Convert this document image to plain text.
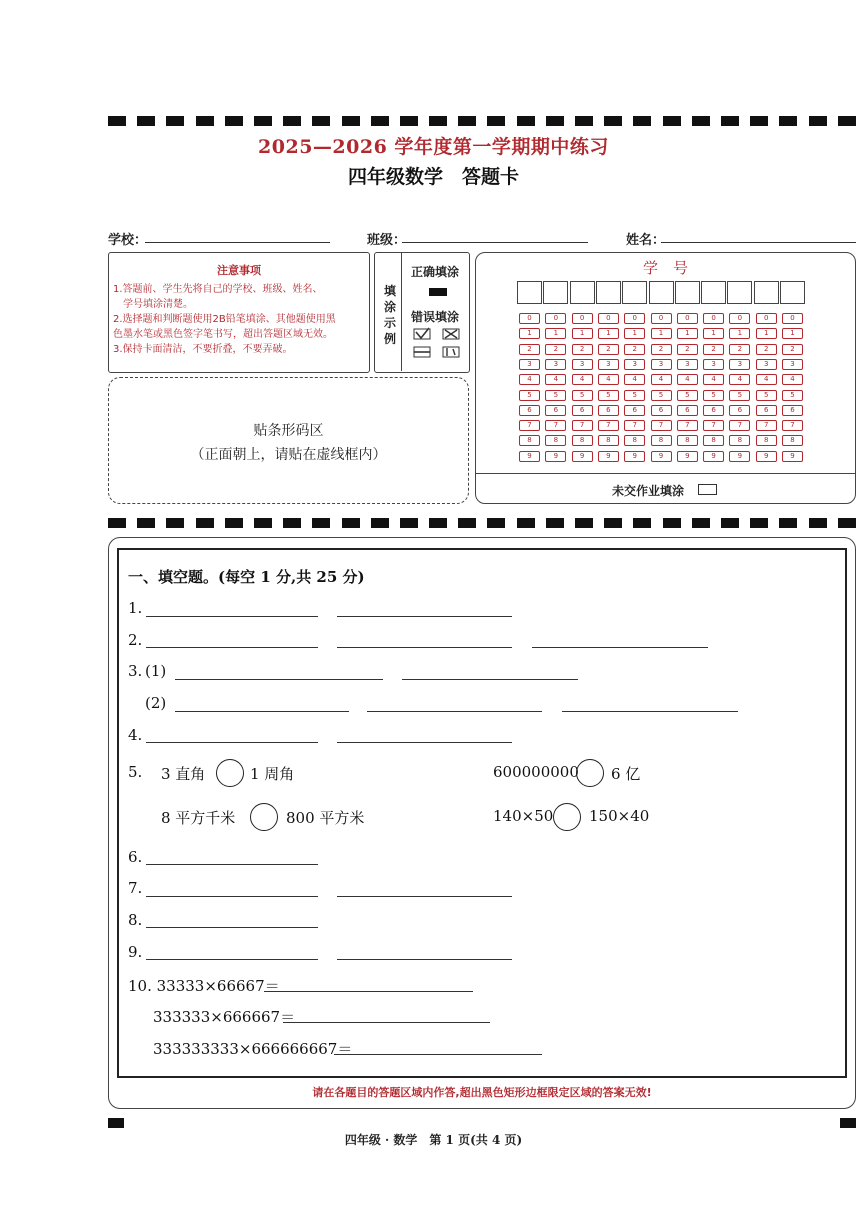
2025—2026 学年度第一学期期中练习
四年级数学　答题卡
学校：	班级：	姓名：
注意事项
1.答题前、学生先将自己的学校、班级、姓名、
　学号填涂清楚。
2.选择题和判断题使用2B铅笔填涂、其他题使用黑
色墨水笔或黑色签字笔书写，超出答题区域无效。
3.保持卡面清洁，不要折叠，不要弄破。
填
涂
示
例
正确填涂
错误填涂
贴条形码区
（正面朝上，请贴在虚线框内）
学　号
未交作业填涂
0	0	0	0	0	0	0	0	0	0	0
1	1	1	1	1	1	1	1	1	1	1
2	2	2	2	2	2	2	2	2	2	2
3	3	3	3	3	3	3	3	3	3	3
4	4	4	4	4	4	4	4	4	4	4
5	5	5	5	5	5	5	5	5	5	5
6	6	6	6	6	6	6	6	6	6	6
7	7	7	7	7	7	7	7	7	7	7
8	8	8	8	8	8	8	8	8	8	8
9	9	9	9	9	9	9	9	9	9	9
一、填空题。(每空 1 分,共 25 分)
1.
2.
3. (1)
(2)
4.
5. 3 直角	1 周角	600000000 6 亿
8 平方千米	800 平方米	140×50 150×40
6.
7.
8.
9.
10. 33333×66667＝
333333×666667＝
333333333×666666667＝
请在各题目的答题区域内作答,超出黑色矩形边框限定区域的答案无效!
四年级 · 数学　第 1 页(共 4 页)
